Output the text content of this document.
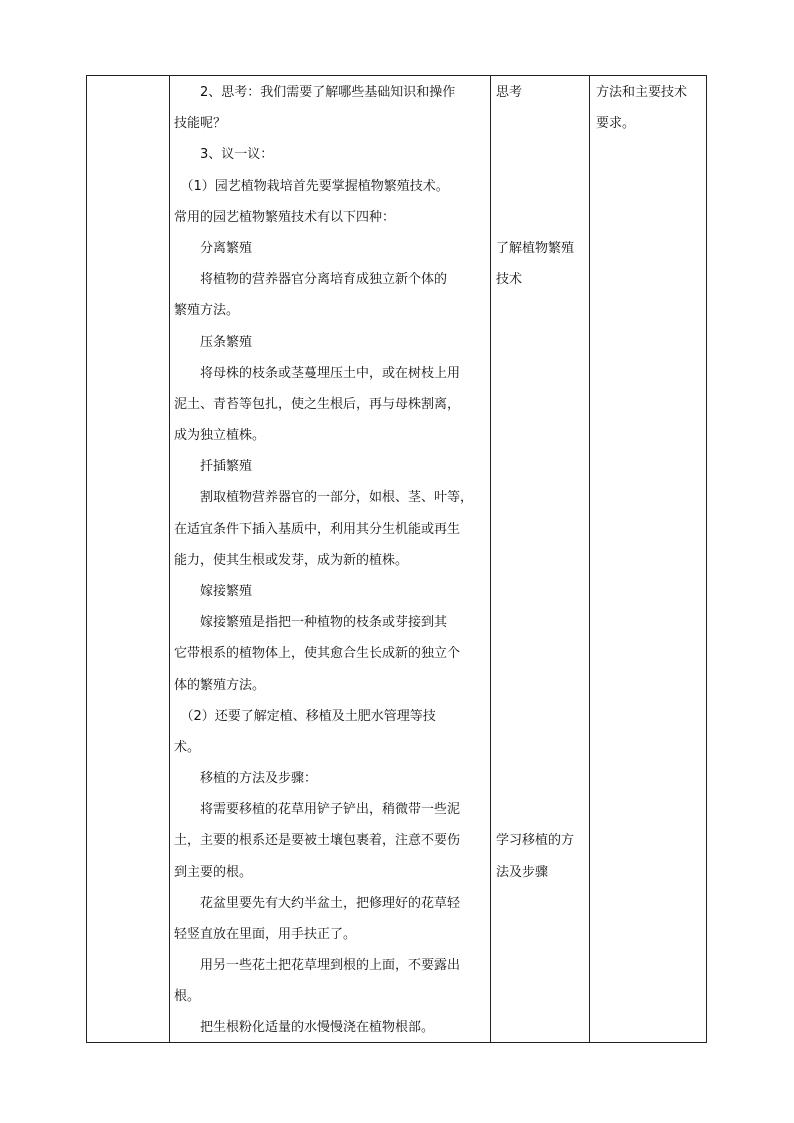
　　2、思考：我们需要了解哪些基础知识和操作
技能呢？
　　3、议一议：
　（1）园艺植物栽培首先要掌握植物繁殖技术。
常用的园艺植物繁殖技术有以下四种：
　　分离繁殖
　　将植物的营养器官分离培育成独立新个体的
繁殖方法。
　　压条繁殖
　　将母株的枝条或茎蔓埋压土中，或在树枝上用
泥土、青苔等包扎，使之生根后，再与母株割离，
成为独立植株。
　　扦插繁殖
　　割取植物营养器官的一部分，如根、茎、叶等，
在适宜条件下插入基质中，利用其分生机能或再生
能力，使其生根或发芽，成为新的植株。
　　嫁接繁殖
　　嫁接繁殖是指把一种植物的枝条或芽接到其
它带根系的植物体上，使其愈合生长成新的独立个
体的繁殖方法。
　（2）还要了解定植、移植及土肥水管理等技
术。
　　移植的方法及步骤：
　　将需要移植的花草用铲子铲出，稍微带一些泥
土，主要的根系还是要被土壤包裹着，注意不要伤
到主要的根。
　　花盆里要先有大约半盆土，把修理好的花草轻
轻竖直放在里面，用手扶正了。
　　用另一些花土把花草埋到根的上面，不要露出
根。
　　把生根粉化适量的水慢慢浇在植物根部。
思考
了解植物繁殖
技术
学习移植的方
法及步骤
方法和主要技术
要求。
